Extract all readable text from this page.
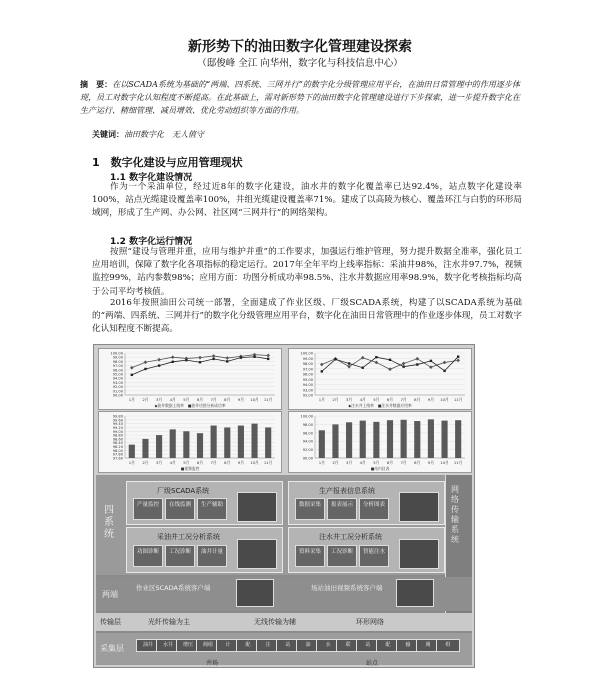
新形势下的油田数字化管理建设探索
（邸俊峰 全江 向华州，数字化与科技信息中心）
摘　要：在以SCADA系统为基础的“两端、四系统、三网并行”的数字化分级管理应用平台，在油田日常管理中的作用逐步体现，员工对数字化认知程度不断提高。在此基础上，需对新形势下的油田数字化管理建设进行下步探索，进一步提升数字化在生产运行、精细管理、减员增效、优化劳动组织等方面的作用。
关键词：油田数字化　无人值守
1　数字化建设与应用管理现状
1.1 数字化建设情况
作为一个采油单位，经过近8年的数字化建设，油水井的数字化覆盖率已达92.4%，站点数字化建设率100%，站点光缆建设覆盖率100%，井组光缆建设覆盖率71%。建成了以高陵为核心、覆盖环江与白豹的环形局域网，形成了生产网、办公网、社区网“三网并行”的网络架构。
1.2 数字化运行情况
按照“建设与管理并重，应用与维护并重”的工作要求，加强运行维护管理，努力提升数据全准率，强化员工应用培训，保障了数字化各项指标的稳定运行。2017年全年平均上线率指标：采油井98%，注水井97.7%，视频监控99%，站内参数98%；应用方面：功图分析成功率98.5%、注水井数据应用率98.9%，数字化考核指标均高于公司平均考核值。
2016年按照油田公司统一部署，全面建成了作业区级、厂级SCADA系统，构建了以SCADA系统为基础的“两端、四系统、三网并行”的数字化分级管理应用平台，数字化在油田日常管理中的作业逐步体现，员工对数字化认知程度不断提高。
100.00
99.00
98.00
97.00
96.00
95.00
94.00
93.00
92.00
91.00
90.00
1月 2月 3月 4月 5月 6月 7月 8月 9月 10月 11月
◆油井数据上线率　■油井功图分析成功率
100.00
99.00
98.00
97.00
96.00
95.00
94.00
93.00
92.00
1月 2月 3月 4月 5月 6月 7月 8月 9月 10月 11月
◆注水井上线率　■注水井数据应用率
99.80
99.60
99.40
99.20
99.00
98.80
98.60
98.40
98.20
98.00
97.80
97.60
1月 2月 3月 4月 5月 6月 7月 8月 9月 10月 11月
■视频监控
100.00
98.00
96.00
94.00
92.00
90.00
1月 2月 3月 4月 5月 6月 7月 8月 9月 10月 11月
■站内仪表
四系统
厂级SCADA系统
产量监控	在线监测	生产辅助
生产报表信息系统
数据采集	报表展示	分析图表
采油井工况分析系统
功图诊断	工况诊断	油井计量
注水井工况分析系统
资料采集	工况诊断	智能注水
网络传输系统
两端
作业区SCADA系统客户端	场站油田视频系统客户端
传输层	光纤传输为主	无线传输为辅	环形网络
采集层	油井	水井	增压	阀组	计	配	注	站	油	水	联	站	配	输	阀	组
井场	站点
